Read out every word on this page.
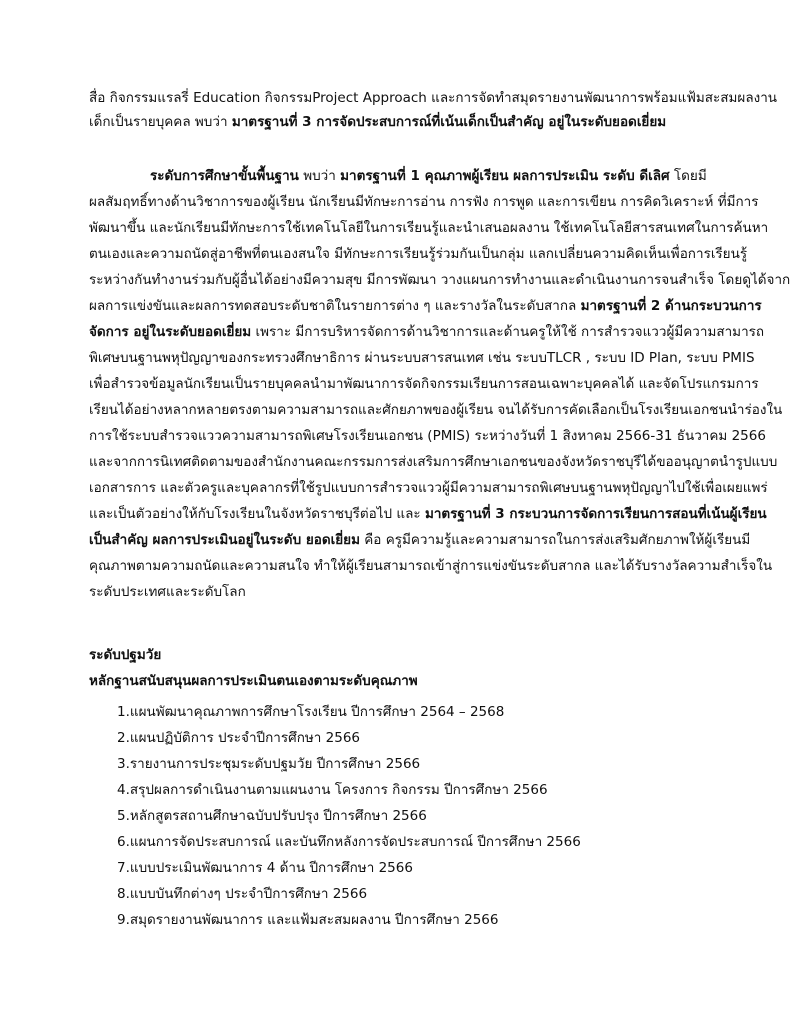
สื่อ กิจกรรมแรลรี่ Education กิจกรรมProject Approach และการจัดทำสมุดรายงานพัฒนาการพร้อมแฟ้มสะสมผลงาน
เด็กเป็นรายบุคคล พบว่า มาตรฐานที่ 3 การจัดประสบการณ์ที่เน้นเด็กเป็นสำคัญ อยู่ในระดับยอดเยี่ยม
ระดับการศึกษาขั้นพื้นฐาน พบว่า มาตรฐานที่ 1 คุณภาพผู้เรียน ผลการประเมิน ระดับ ดีเลิศ โดยมี
ผลสัมฤทธิ์ทางด้านวิชาการของผู้เรียน นักเรียนมีทักษะการอ่าน การฟัง การพูด และการเขียน การคิดวิเคราะห์ ที่มีการ
พัฒนาขึ้น และนักเรียนมีทักษะการใช้เทคโนโลยีในการเรียนรู้และนำเสนอผลงาน ใช้เทคโนโลยีสารสนเทศในการค้นหา
ตนเองและความถนัดสู่อาชีพที่ตนเองสนใจ มีทักษะการเรียนรู้ร่วมกันเป็นกลุ่ม แลกเปลี่ยนความคิดเห็นเพื่อการเรียนรู้
ระหว่างกันทำงานร่วมกับผู้อื่นได้อย่างมีความสุข มีการพัฒนา วางแผนการทำงานและดำเนินงานการจนสำเร็จ โดยดูได้จาก
ผลการแข่งขันและผลการทดสอบระดับชาติในรายการต่าง ๆ และรางวัลในระดับสากล มาตรฐานที่ 2 ด้านกระบวนการ
จัดการ อยู่ในระดับยอดเยี่ยม เพราะ มีการบริหารจัดการด้านวิชาการและด้านครูให้ใช้ การสำรวจแววผู้มีความสามารถ
พิเศษบนฐานพหุปัญญาของกระทรวงศึกษาธิการ ผ่านระบบสารสนเทศ เช่น ระบบTLCR , ระบบ ID Plan, ระบบ PMIS
เพื่อสำรวจข้อมูลนักเรียนเป็นรายบุคคลนำมาพัฒนาการจัดกิจกรรมเรียนการสอนเฉพาะบุคคลได้ และจัดโปรแกรมการ
เรียนได้อย่างหลากหลายตรงตามความสามารถและศักยภาพของผู้เรียน จนได้รับการคัดเลือกเป็นโรงเรียนเอกชนนำร่องใน
การใช้ระบบสำรวจแววความสามารถพิเศษโรงเรียนเอกชน (PMIS) ระหว่างวันที่ 1 สิงหาคม 2566-31 ธันวาคม 2566
และจากการนิเทศติดตามของสำนักงานคณะกรรมการส่งเสริมการศึกษาเอกชนของจังหวัดราชบุรีได้ขออนุญาตนำรูปแบบ
เอกสารการ และตัวครูและบุคลากรที่ใช้รูปแบบการสำรวจแววผู้มีความสามารถพิเศษบนฐานพหุปัญญาไปใช้เพื่อเผยแพร่
และเป็นตัวอย่างให้กับโรงเรียนในจังหวัดราชบุรีต่อไป และ มาตรฐานที่ 3 กระบวนการจัดการเรียนการสอนที่เน้นผู้เรียน
เป็นสำคัญ ผลการประเมินอยู่ในระดับ ยอดเยี่ยม คือ ครูมีความรู้และความสามารถในการส่งเสริมศักยภาพให้ผู้เรียนมี
คุณภาพตามความถนัดและความสนใจ ทำให้ผู้เรียนสามารถเข้าสู่การแข่งขันระดับสากล และได้รับรางวัลความสำเร็จใน
ระดับประเทศและระดับโลก
ระดับปฐมวัย
หลักฐานสนับสนุนผลการประเมินตนเองตามระดับคุณภาพ
1.แผนพัฒนาคุณภาพการศึกษาโรงเรียน ปีการศึกษา 2564 – 2568
2.แผนปฏิบัติการ ประจำปีการศึกษา 2566
3.รายงานการประชุมระดับปฐมวัย ปีการศึกษา 2566
4.สรุปผลการดำเนินงานตามแผนงาน โครงการ กิจกรรม ปีการศึกษา 2566
5.หลักสูตรสถานศึกษาฉบับปรับปรุง ปีการศึกษา 2566
6.แผนการจัดประสบการณ์ และบันทึกหลังการจัดประสบการณ์ ปีการศึกษา 2566
7.แบบประเมินพัฒนาการ 4 ด้าน ปีการศึกษา 2566
8.แบบบันทึกต่างๆ ประจำปีการศึกษา 2566
9.สมุดรายงานพัฒนาการ และแฟ้มสะสมผลงาน ปีการศึกษา 2566
